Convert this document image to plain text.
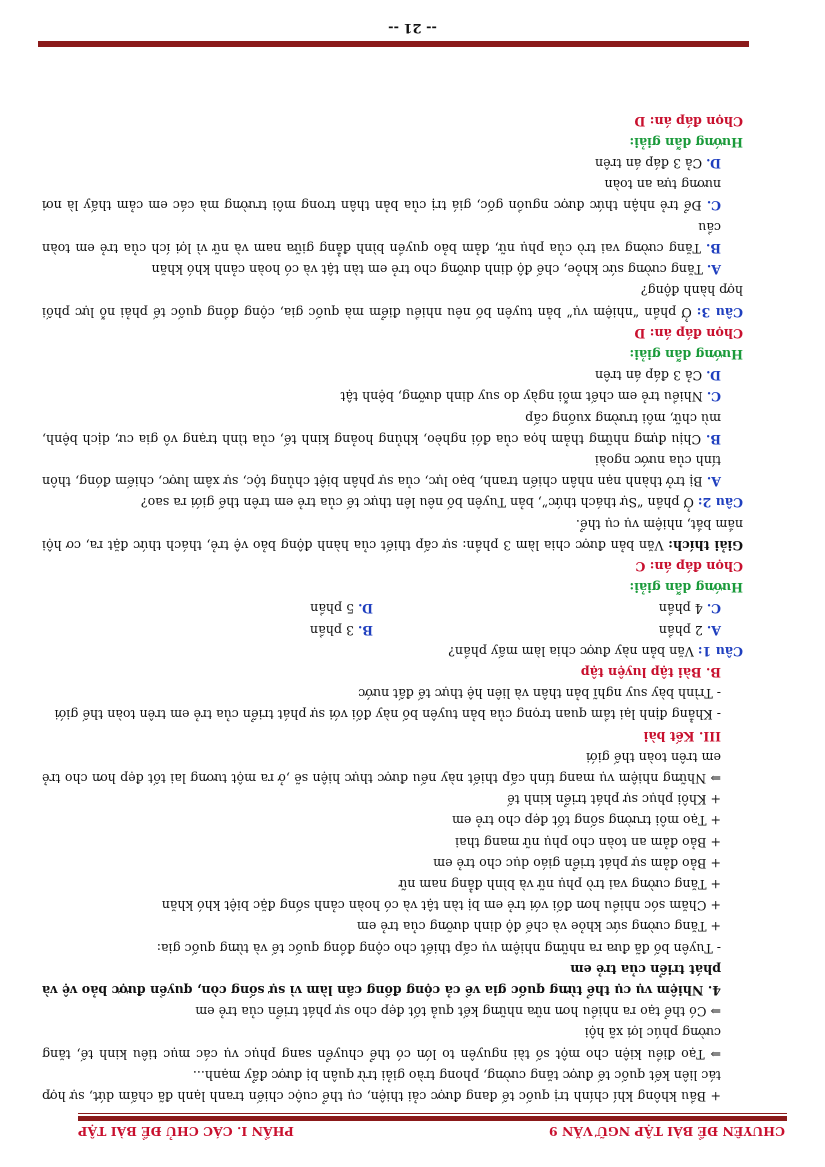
CHUYÊN ĐỀ BÀI TẬP NGỮ VĂN 9
PHẦN I. CÁC CHỦ ĐỀ BÀI TẬP

+ Bầu không khí chính trị quốc tế đang được cải thiện, cụ thể cuộc chiến tranh lạnh đã chấm dứt, sự hợp tác liên kết quốc tế được tăng cường, phong trào giải trừ quân bị được đẩy mạnh...

⇒ Tạo điều kiện cho một số tài nguyên to lớn có thể chuyển sang phục vụ các mục tiêu kinh tế, tăng cường phúc lợi xã hội

⇒ Có thể tạo ra nhiều hơn nữa những kết quả tốt đẹp cho sự phát triển của trẻ em

4. Nhiệm vụ cụ thể từng quốc gia về cả cộng đồng cần làm vì sự sống còn, quyền được bảo vệ và phát triển của trẻ em

- Tuyên bố đã đưa ra những nhiệm vụ cấp thiết cho cộng đồng quốc tế và từng quốc gia:

+ Tăng cường sức khỏe và chế độ dinh dưỡng của trẻ em

+ Chăm sóc nhiều hơn đối với trẻ em bị tàn tật và có hoàn cảnh sống đặc biệt khó khăn

+ Tăng cường vai trò phụ nữ và bình đẳng nam nữ

+ Bảo đảm sự phát triển giáo dục cho trẻ em

+ Bảo đảm an toàn cho phụ nữ mang thai

+ Tạo môi trường sống tốt đẹp cho trẻ em

+ Khôi phục sự phát triển kinh tế

⇒ Những nhiệm vụ mang tính cấp thiết này nếu được thực hiện sẽ ,ở ra một tương lai tốt đẹp hơn cho trẻ em trên toàn thế giới

III. Kết bài

- Khẳng định lại tầm quan trọng của bản tuyên bố này đối với sự phát triển của trẻ em trên toàn thế giới

- Trình bày suy nghĩ bản thân và liên hệ thực tế đất nước

B. Bài tập luyện tập

Câu 1: Văn bản này được chia làm mấy phần?

A. 2 phần
B. 3 phần
C. 4 phần
D. 5 phần

Hướng dẫn giải:

Chọn đáp án: C

Giải thích: Văn bản được chia làm 3 phần: sự cấp thiết của hành động bảo vệ trẻ, thách thức đặt ra, cơ hội nắm bắt, nhiệm vụ cụ thể.

Câu 2: Ở phần “Sự thách thức”, bản Tuyên bố nêu lên thực tế của trẻ em trên thế giới ra sao?

A. Bị trở thành nạn nhân chiến tranh, bạo lực, của sự phân biệt chủng tộc, sự xâm lược, chiếm đóng, thôn tính của nước ngoài

B. Chịu đựng những thảm họa của đói nghèo, khủng hoảng kinh tế, của tình trạng vô gia cư, dịch bệnh, mù chữ, môi trường xuống cấp

C. Nhiều trẻ em chết mỗi ngày do suy dinh dưỡng, bệnh tật

D. Cả 3 đáp án trên

Hướng dẫn giải:

Chọn đáp án: D

Câu 3: Ở phần “nhiệm vụ” bản tuyên bố nêu nhiều điểm mà quốc gia, cộng đồng quốc tế phải nỗ lực phối hợp hành động?

A. Tăng cường sức khỏe, chế độ dinh dưỡng cho trẻ em tàn tật và có hoàn cảnh khó khăn

B. Tăng cường vai trò của phụ nữ, đảm bảo quyền bình đẳng giữa nam và nữ vì lợi ích của trẻ em toàn cầu

C. Để trẻ nhận thức được nguồn gốc, giá trị của bản thân trong môi trường mà các em cảm thấy là nơi nương tựa an toàn

D. Cả 3 đáp án trên

Hướng dẫn giải:

Chọn đáp án: D

-- 21 --
